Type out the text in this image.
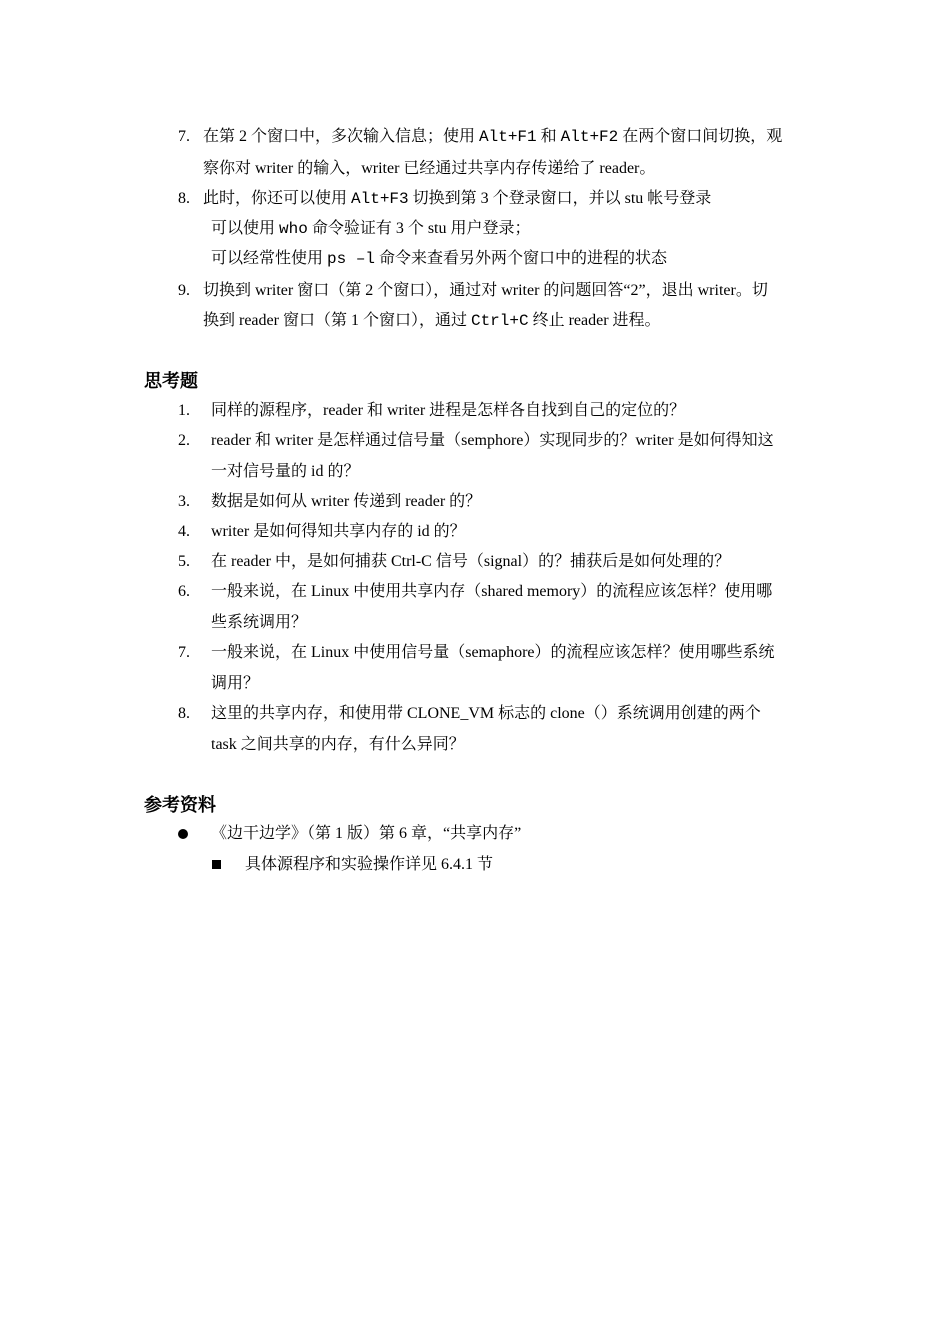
7. 在第 2 个窗口中，多次输入信息；使用 Alt+F1 和 Alt+F2 在两个窗口间切换，观
察你对 writer 的输入，writer 已经通过共享内存传递给了 reader。
8. 此时，你还可以使用 Alt+F3 切换到第 3 个登录窗口，并以 stu 帐号登录
可以使用 who 命令验证有 3 个 stu 用户登录；
可以经常性使用 ps –l 命令来查看另外两个窗口中的进程的状态
9. 切换到 writer 窗口（第 2 个窗口），通过对 writer 的问题回答“2”，退出 writer。切
换到 reader 窗口（第 1 个窗口），通过 Ctrl+C 终止 reader 进程。
思考题
1. 同样的源程序，reader 和 writer 进程是怎样各自找到自己的定位的？
2. reader 和 writer 是怎样通过信号量（semphore）实现同步的？writer 是如何得知这
一对信号量的 id 的？
3. 数据是如何从 writer 传递到 reader 的？
4. writer 是如何得知共享内存的 id 的？
5. 在 reader 中，是如何捕获 Ctrl-C 信号（signal）的？捕获后是如何处理的？
6. 一般来说，在 Linux 中使用共享内存（shared memory）的流程应该怎样？使用哪
些系统调用？
7. 一般来说，在 Linux 中使用信号量（semaphore）的流程应该怎样？使用哪些系统
调用？
8. 这里的共享内存，和使用带 CLONE_VM 标志的 clone（）系统调用创建的两个
task 之间共享的内存，有什么异同？
参考资料
《边干边学》（第 1 版）第 6 章，“共享内存”
具体源程序和实验操作详见 6.4.1 节
